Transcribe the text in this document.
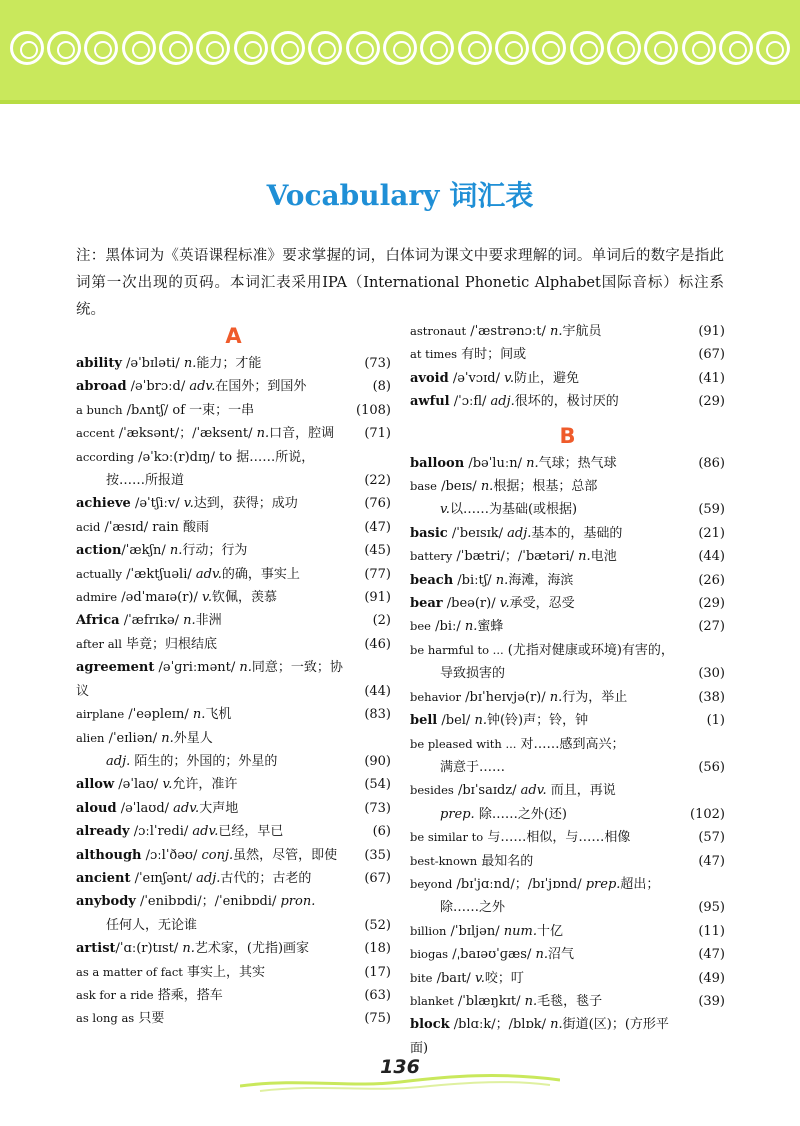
Vocabulary 词汇表
注：黑体词为《英语课程标准》要求掌握的词，白体词为课文中要求理解的词。单词后的数字是指此词第一次出现的页码。本词汇表采用IPA（International Phonetic Alphabet国际音标）标注系统。
A
ability /əˈbɪləti/ n.能力；才能	(73)
abroad /əˈbrɔːd/ adv.在国外；到国外	(8)
a bunch /bʌntʃ/ of 一束；一串	(108)
accent /ˈæksənt/；/ˈæksent/ n.口音，腔调	(71)
according /əˈkɔː(r)dɪŋ/ to 据……所说，
按……所报道	(22)
achieve /əˈtʃiːv/ v.达到，获得；成功	(76)
acid /ˈæsɪd/ rain 酸雨	(47)
action/ˈækʃn/ n.行动；行为	(45)
actually /ˈæktʃuəli/ adv.的确，事实上	(77)
admire /ədˈmaɪə(r)/ v.钦佩，羡慕	(91)
Africa /ˈæfrɪkə/ n.非洲	(2)
after all 毕竟；归根结底	(46)
agreement /əˈɡriːmənt/ n.同意；一致；协议	(44)
airplane /ˈeəpleɪn/ n.飞机	(83)
alien /ˈeɪliən/ n.外星人
adj. 陌生的；外国的；外星的	(90)
allow /əˈlaʊ/ v.允许，准许	(54)
aloud /əˈlaʊd/ adv.大声地	(73)
already /ɔːlˈredi/ adv.已经，早已	(6)
although /ɔːlˈðəʊ/ conj.虽然，尽管，即使	(35)
ancient /ˈeɪnʃənt/ adj.古代的；古老的	(67)
anybody /ˈenibɒdi/；/ˈenibɒdi/ pron.
任何人，无论谁	(52)
artist/ˈɑː(r)tɪst/ n.艺术家，(尤指)画家	(18)
as a matter of fact 事实上，其实	(17)
ask for a ride 搭乘，搭车	(63)
as long as 只要	(75)
astronaut /ˈæstrənɔːt/ n.宇航员	(91)
at times 有时；间或	(67)
avoid /əˈvɔɪd/ v.防止，避免	(41)
awful /ˈɔːfl/ adj.很坏的，极讨厌的	(29)
B
balloon /bəˈluːn/ n.气球；热气球	(86)
base /beɪs/ n.根据；根基；总部
v.以……为基础(或根据)	(59)
basic /ˈbeɪsɪk/ adj.基本的，基础的	(21)
battery /ˈbætri/；/ˈbætəri/ n.电池	(44)
beach /biːtʃ/ n.海滩，海滨	(26)
bear /beə(r)/ v.承受，忍受	(29)
bee /biː/ n.蜜蜂	(27)
be harmful to ... (尤指对健康或环境)有害的，
导致损害的	(30)
behavior /bɪˈheɪvjə(r)/ n.行为，举止	(38)
bell /bel/ n.钟(铃)声；铃，钟	(1)
be pleased with ... 对……感到高兴；
满意于……	(56)
besides /bɪˈsaɪdz/ adv. 而且，再说
prep. 除……之外(还)	(102)
be similar to 与……相似，与……相像	(57)
best-known 最知名的	(47)
beyond /bɪˈjɑːnd/；/bɪˈjɒnd/ prep.超出；
除……之外	(95)
billion /ˈbɪljən/ num.十亿	(11)
biogas /ˌbaɪəʊˈɡæs/ n.沼气	(47)
bite /baɪt/ v.咬；叮	(49)
blanket /ˈblæŋkɪt/ n.毛毯，毯子	(39)
block /blɑːk/；/blɒk/ n.街道(区)；(方形平面)
136
